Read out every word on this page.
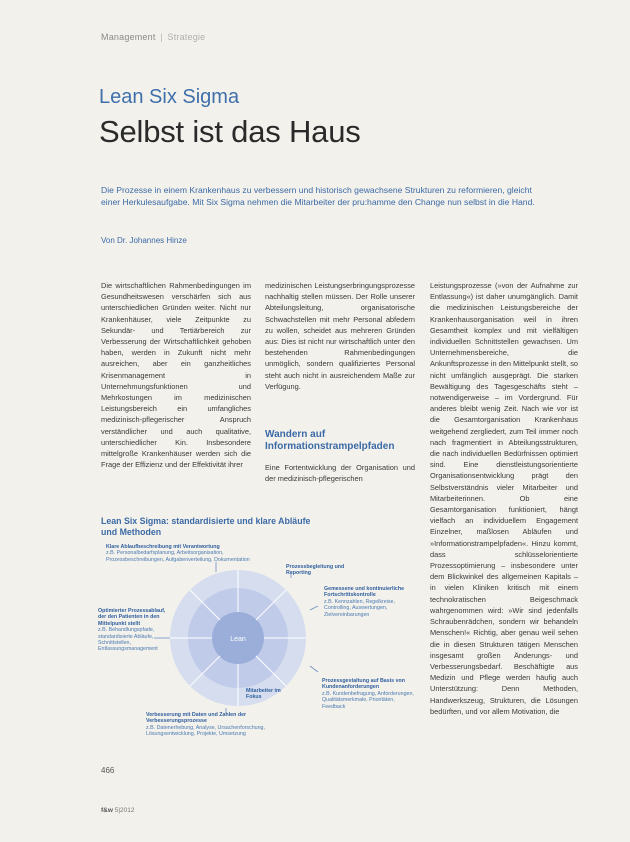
Management | Strategie
Lean Six Sigma
Selbst ist das Haus
Die Prozesse in einem Krankenhaus zu verbessern und historisch gewachsene Strukturen zu reformieren, gleicht einer Herkulesaufgabe. Mit Six Sigma nehmen die Mitarbeiter der pru:hamme den Change nun selbst in die Hand.
Von Dr. Johannes Hinze

Die wirtschaftlichen Rahmenbedingungen im Gesundheitswesen verschärfen sich aus unterschiedlichen Gründen weiter. Nicht nur Krankenhäuser, viele Zeitpunkte zu Sekundär- und Tertiärbereich zur Verbesserung der Wirtschaftlichkeit gehoben haben, werden in Zukunft nicht mehr ausreichen, aber ein ganzheitliches Krisenmanagement in Unternehmungsfunktionen und Mehrkostungen im medizinischen Leistungsbereich ein umfangliches medizinisch-pflegerischer Anspruch verständlicher und auch qualitative, unterschiedlicher Kin. Insbesondere mittelgroße Krankenhäuser werden sich die Frage der Effizienz und der Effektivität ihrer

medizinischen Leistungserbringungsprozesse nachhaltig stellen müssen. Der Rolle unserer Abteilungsleitung, organisatorische Schwachstellen mit mehr Personal abfedern zu wollen, scheidet aus mehreren Gründen aus: Dies ist nicht nur wirtschaftlich unter den bestehenden Rahmenbedingungen unmöglich, sondern qualifiziertes Personal steht auch nicht in ausreichendem Maße zur Verfügung.

Wandern auf Informationstrampelpfaden

Eine Fortentwicklung der Organisation und der medizinisch-pflegerischen

Leistungsprozesse (»von der Aufnahme zur Entlassung«) ist daher unumgänglich. Damit die medizinischen Leistungsbereiche der Krankenhausorganisation weil in ihren Gesamtheit komplex und mit vielfältigen individuellen Schnittstellen gewachsen. Um Unternehmensbereiche, die Ankunftsprozesse in den Mittelpunkt stellt, so nicht umfänglich ausgeprägt. Die starken Bewältigung des Tagesgeschäfts steht – notwendigerweise – im Vordergrund. Für anderes bleibt wenig Zeit. Nach wie vor ist die Gesamtorganisation Krankenhaus weitgehend zergliedert, zum Teil immer noch nach fragmentiert in Abteilungsstrukturen, die nach individuellen Bedürfnissen optimiert sind. Eine dienstleistungsorientierte Organisationsentwicklung prägt den Selbstverständnis vieler Mitarbeiter und Mitarbeiterinnen. Ob eine Gesamtorganisation funktioniert, hängt vielfach an individuellem Engagement Einzelner, maßlosen Abläufen und »Informationstrampelpfaden«. Hinzu kommt, dass schlüsselorientierte Prozessoptimierung – insbesondere unter dem Blickwinkel des allgemeinen Kapitals – in vielen Kliniken kritisch mit einem technokratischen Beigeschmack wahrgenommen wird: »Wir sind jedenfalls Schraubenrädchen, sondern wir behandeln Menschen!« Richtig, aber genau weil sehen die in diesen Strukturen tätigen Menschen insgesamt großen Änderungs- und Verbesserungsbedarf. Beschäftigte aus Medizin und Pflege werden häufig auch Unterstützung: Denn Methoden, Handwerkszeug, Strukturen, die Lösungen bedürften, und vor allem Motivation, die

Lean Six Sigma: standardisierte und klare Abläufe und Methoden
Lean
Klare Ablaufbeschreibung mit Verantwortung
z.B. Personalbedarfsplanung, Arbeitsorganisation, Prozessbeschreibungen, Aufgabenverteilung, Dokumentation
Prozessbegleitung und Reporting
Gemessene und kontinuierliche Fortschrittskontrolle
z.B. Kennzahlen, Regelkreise, Controlling, Auswertungen, Zielvereinbarungen
Optimierter Prozessablauf, der den Patienten in den Mittelpunkt stellt
z.B. Behandlungspfade, standardisierte Abläufe, Schnittstellen, Entlassungsmanagement
Mitarbeiter im Fokus
Verbesserung mit Daten und Zahlen der Verbesserungsprozesse
z.B. Datenerhebung, Analyse, Ursachenforschung, Lösungsentwicklung, Projekte, Umsetzung
Prozessgestaltung auf Basis von Kundenanforderungen
z.B. Kundenbefragung, Anforderungen, Qualitätsmerkmale, Prioritäten, Feedback
466
f&w 5|2012
